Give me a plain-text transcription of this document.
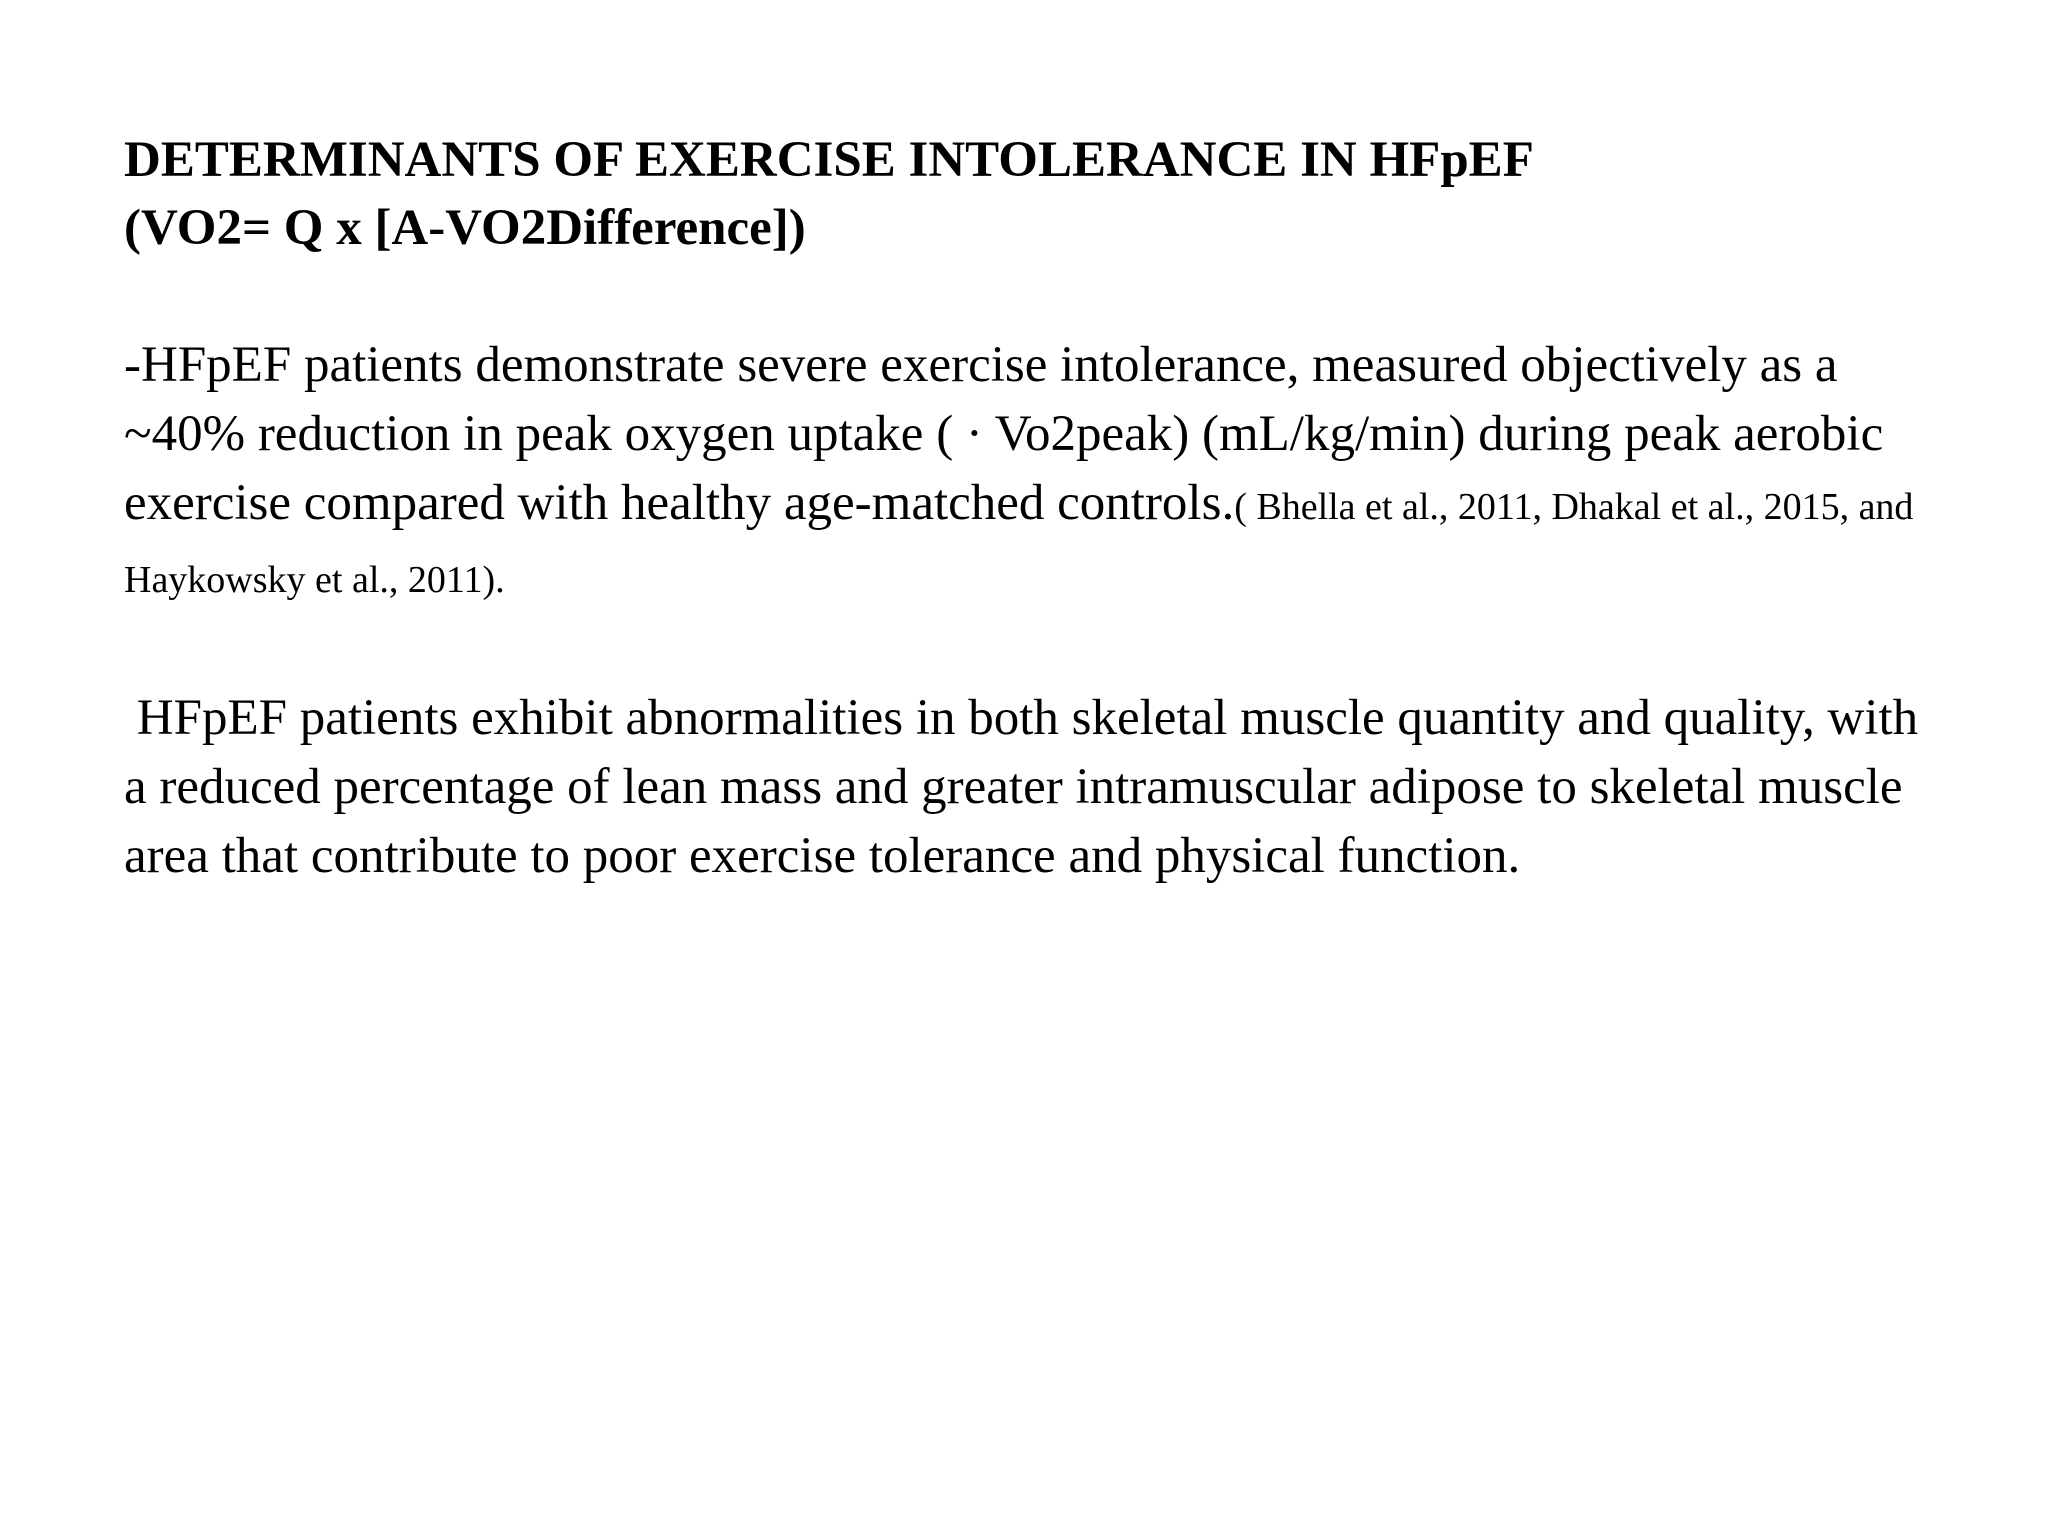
DETERMINANTS OF EXERCISE INTOLERANCE IN HFpEF
(VO2= Q x [A-VO2Difference])

-HFpEF patients demonstrate severe exercise intolerance, measured objectively as a ~40% reduction in peak oxygen uptake ( · Vo2peak) (mL/kg/min) during peak aerobic exercise compared with healthy age-matched controls.( Bhella et al., 2011, Dhakal et al., 2015, and Haykowsky et al., 2011).

HFpEF patients exhibit abnormalities in both skeletal muscle quantity and quality, with a reduced percentage of lean mass and greater intramuscular adipose to skeletal muscle area that contribute to poor exercise tolerance and physical function.
